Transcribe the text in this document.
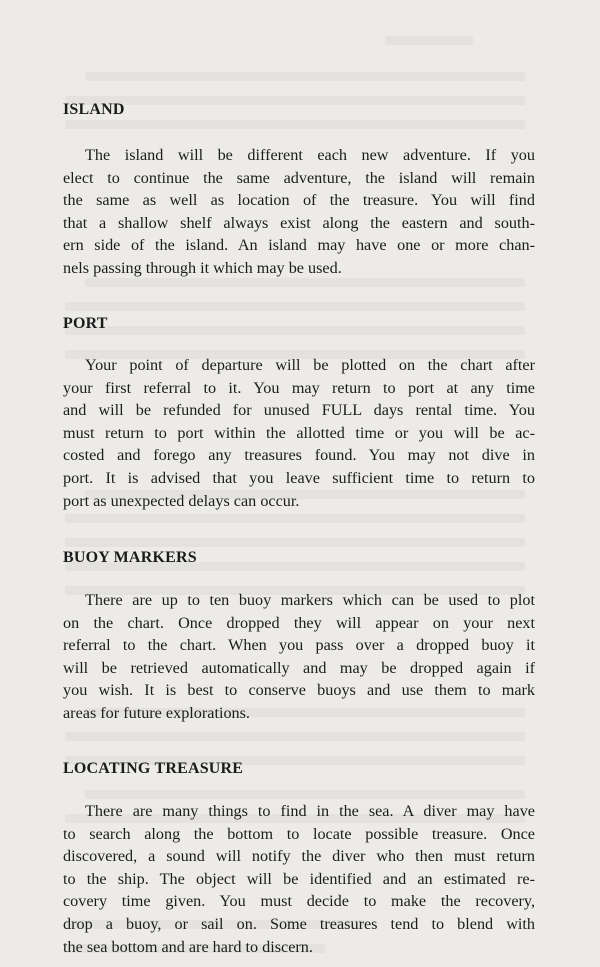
ISLAND
The island will be different each new adventure. If you
elect to continue the same adventure, the island will remain
the same as well as location of the treasure. You will find
that a shallow shelf always exist along the eastern and south-
ern side of the island. An island may have one or more chan-
nels passing through it which may be used.
PORT
Your point of departure will be plotted on the chart after
your first referral to it. You may return to port at any time
and will be refunded for unused FULL days rental time. You
must return to port within the allotted time or you will be ac-
costed and forego any treasures found. You may not dive in
port. It is advised that you leave sufficient time to return to
port as unexpected delays can occur.
BUOY MARKERS
There are up to ten buoy markers which can be used to plot
on the chart. Once dropped they will appear on your next
referral to the chart. When you pass over a dropped buoy it
will be retrieved automatically and may be dropped again if
you wish. It is best to conserve buoys and use them to mark
areas for future explorations.
LOCATING TREASURE
There are many things to find in the sea. A diver may have
to search along the bottom to locate possible treasure. Once
discovered, a sound will notify the diver who then must return
to the ship. The object will be identified and an estimated re-
covery time given. You must decide to make the recovery,
drop a buoy, or sail on. Some treasures tend to blend with
the sea bottom and are hard to discern.
